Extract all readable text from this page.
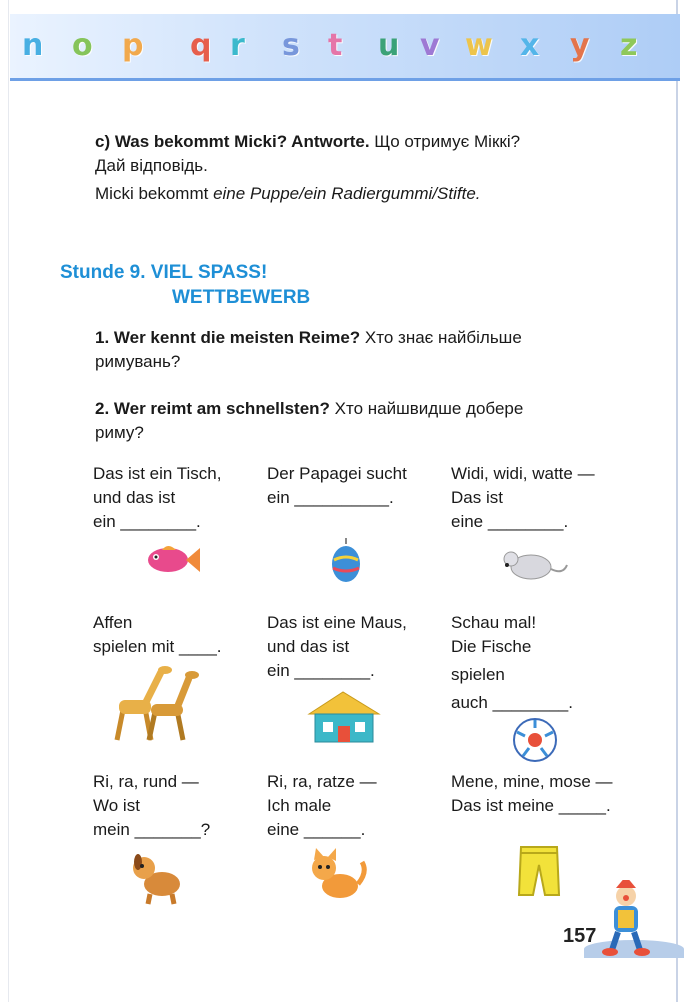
n o p q r s t u v w x y z
c) Was bekommt Micki? Antworte. Що отримує Міккі?
Дай відповідь.
Micki bekommt eine Puppe/ein Radiergummi/Stifte.
Stunde 9. VIEL SPASS!
WETTBEWERB
1. Wer kennt die meisten Reime? Хто знає найбільше
римувань?
2. Wer reimt am schnellsten? Хто найшвидше добере
риму?
Das ist ein Tisch,
und das ist
ein ________.
Der Papagei sucht
ein __________.
Widi, widi, watte —
Das ist
eine ________.
Affen
spielen mit ____.
Das ist eine Maus,
und das ist
ein ________.
Schau mal!
Die Fische
spielen
auch ________.
Ri, ra, rund —
Wo ist
mein _______?
Ri, ra, ratze —
Ich male
eine ______.
Mene, mine, mose —
Das ist meine _____.
157
